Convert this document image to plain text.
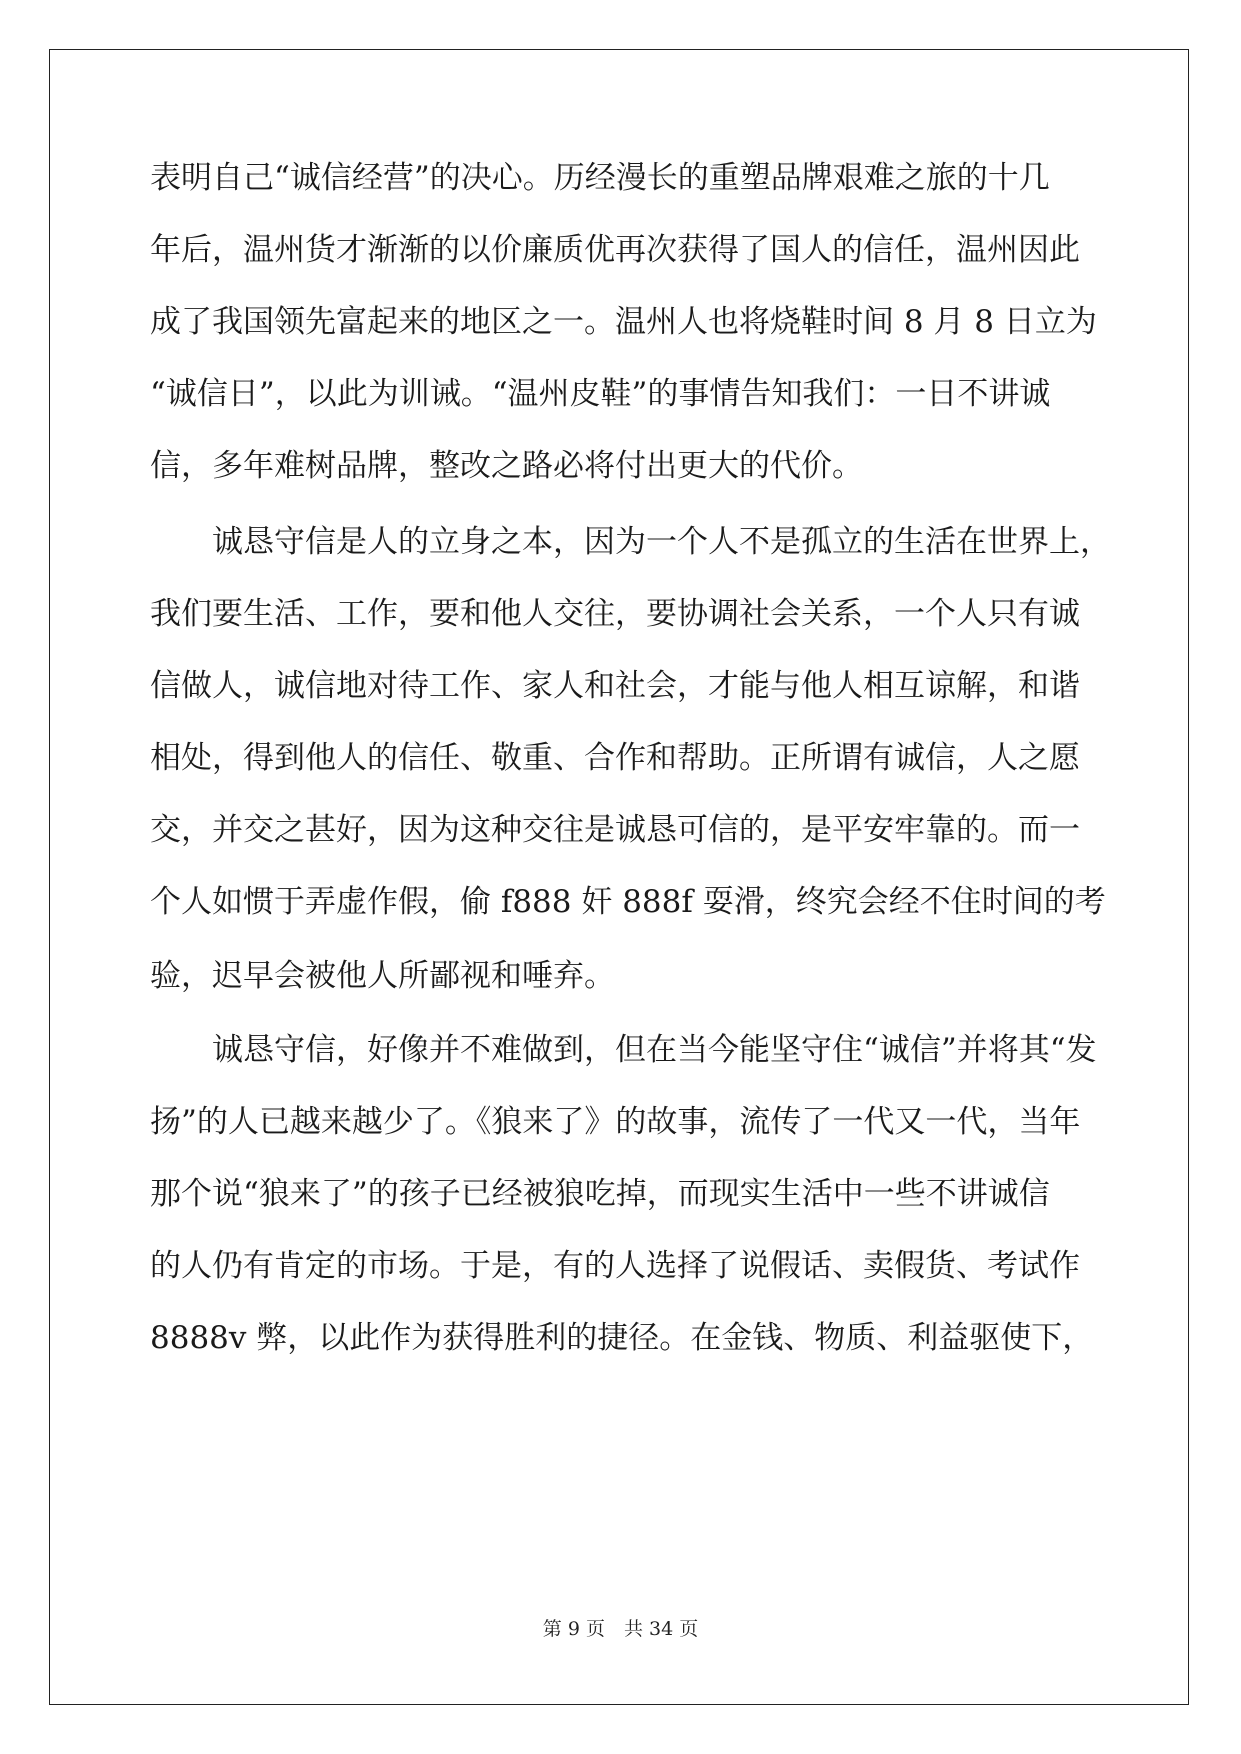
表明自己“诚信经营”的决心。历经漫长的重塑品牌艰难之旅的十几
年后，温州货才渐渐的以价廉质优再次获得了国人的信任，温州因此
成了我国领先富起来的地区之一。温州人也将烧鞋时间 8 月 8 日立为
“诚信日”，以此为训诫。“温州皮鞋”的事情告知我们：一日不讲诚
信，多年难树品牌，整改之路必将付出更大的代价。
诚恳守信是人的立身之本，因为一个人不是孤立的生活在世界上，
我们要生活、工作，要和他人交往，要协调社会关系，一个人只有诚
信做人，诚信地对待工作、家人和社会，才能与他人相互谅解，和谐
相处，得到他人的信任、敬重、合作和帮助。正所谓有诚信，人之愿
交，并交之甚好，因为这种交往是诚恳可信的，是平安牢靠的。而一
个人如惯于弄虚作假，偷 f888 奸 888f 耍滑，终究会经不住时间的考
验，迟早会被他人所鄙视和唾弃。
诚恳守信，好像并不难做到，但在当今能坚守住“诚信”并将其“发
扬”的人已越来越少了。《狼来了》的故事，流传了一代又一代，当年
那个说“狼来了”的孩子已经被狼吃掉，而现实生活中一些不讲诚信
的人仍有肯定的市场。于是，有的人选择了说假话、卖假货、考试作
8888v 弊，以此作为获得胜利的捷径。在金钱、物质、利益驱使下，
第 9 页　共 34 页
